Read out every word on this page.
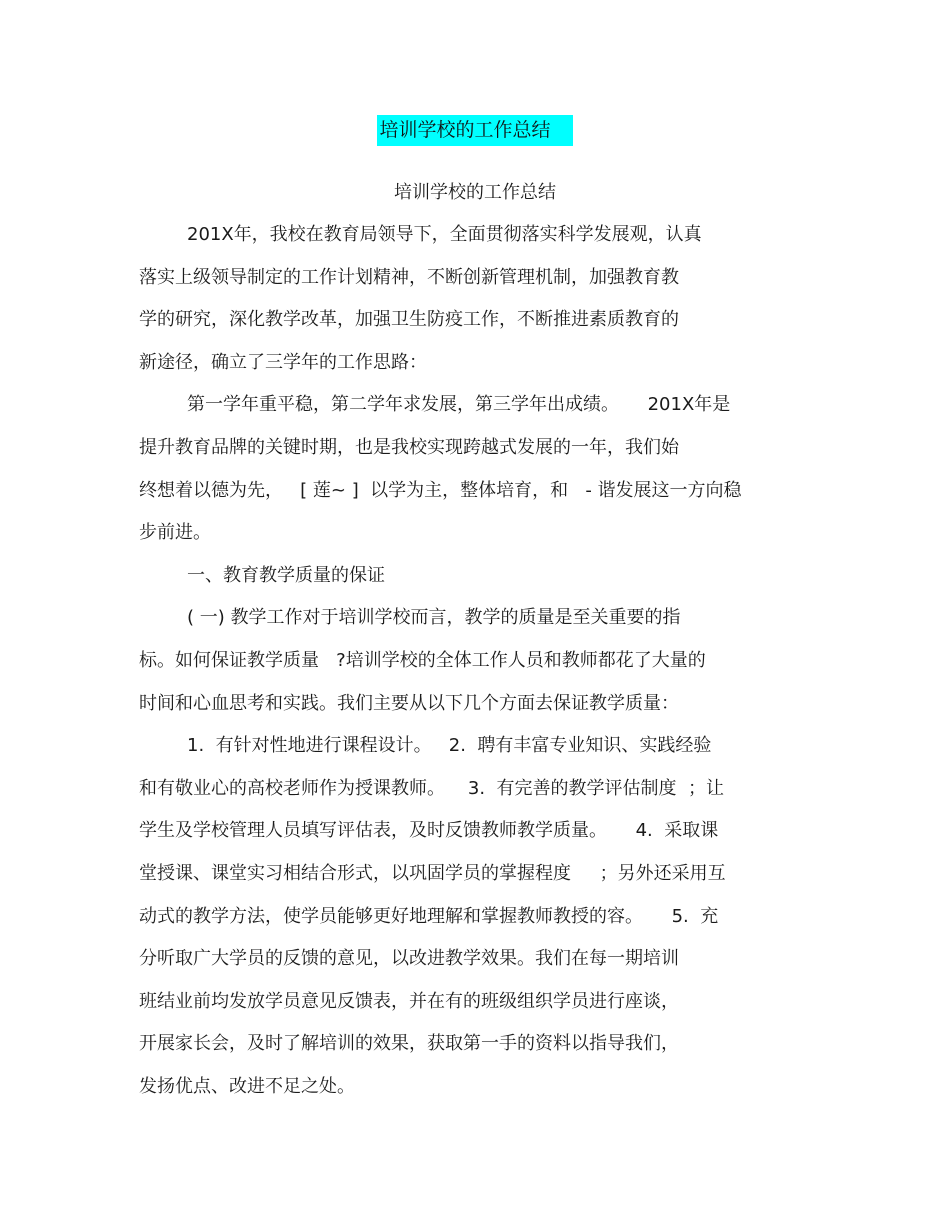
培训学校的工作总结
培训学校的工作总结
201X年，我校在教育局领导下，全面贯彻落实科学发展观，认真
落实上级领导制定的工作计划精神，不断创新管理机制，加强教育教
学的研究，深化教学改革，加强卫生防疫工作，不断推进素质教育的
新途径，确立了三学年的工作思路：
第一学年重平稳，第二学年求发展，第三学年出成绩。     201X年是
提升教育品牌的关键时期，也是我校实现跨越式发展的一年，我们始
终想着以德为先，   [ 莲~ ]  以学为主，整体培育，和   - 谐发展这一方向稳
步前进。
一、教育教学质量的保证
( 一) 教学工作对于培训学校而言，教学的质量是至关重要的指
标。如何保证教学质量   ?培训学校的全体工作人员和教师都花了大量的
时间和心血思考和实践。我们主要从以下几个方面去保证教学质量：
1.  有针对性地进行课程设计。   2.  聘有丰富专业知识、实践经验
和有敬业心的高校老师作为授课教师。    3.  有完善的教学评估制度  ；让
学生及学校管理人员填写评估表，及时反馈教师教学质量。     4.  采取课
堂授课、课堂实习相结合形式，以巩固学员的掌握程度     ；另外还采用互
动式的教学方法，使学员能够更好地理解和掌握教师教授的容。     5.  充
分听取广大学员的反馈的意见，以改进教学效果。我们在每一期培训
班结业前均发放学员意见反馈表，并在有的班级组织学员进行座谈，
开展家长会，及时了解培训的效果，获取第一手的资料以指导我们，
发扬优点、改进不足之处。
